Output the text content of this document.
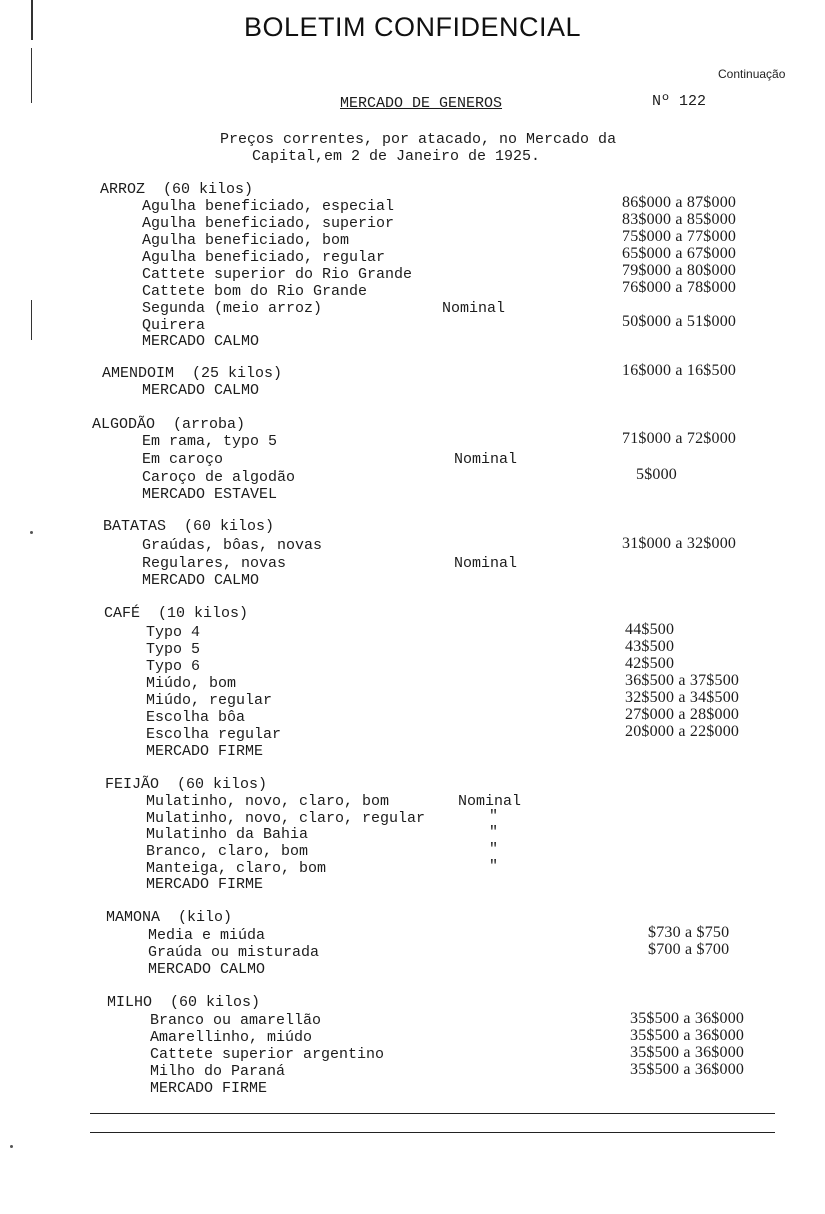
BOLETIM CONFIDENCIAL
Continuação
MERCADO DE GENEROS	Nº 122
Preços correntes, por atacado, no Mercado da
Capital,em 2 de Janeiro de 1925.
ARROZ  (60 kilos)
Agulha beneficiado, especial	86$000 a 87$000
Agulha beneficiado, superior	83$000 a 85$000
Agulha beneficiado, bom	75$000 a 77$000
Agulha beneficiado, regular	65$000 a 67$000
Cattete superior do Rio Grande	79$000 a 80$000
Cattete bom do Rio Grande	76$000 a 78$000
Segunda (meio arroz)	Nominal
Quirera	50$000 a 51$000
MERCADO CALMO
AMENDOIM  (25 kilos)	16$000 a 16$500
MERCADO CALMO
ALGODÃO  (arroba)
Em rama, typo 5	71$000 a 72$000
Em caroço	Nominal
Caroço de algodão	5$000
MERCADO ESTAVEL
BATATAS  (60 kilos)
Graúdas, bôas, novas	31$000 a 32$000
Regulares, novas	Nominal
MERCADO CALMO
CAFÉ  (10 kilos)
Typo 4	44$500
Typo 5	43$500
Typo 6	42$500
Miúdo, bom	36$500 a 37$500
Miúdo, regular	32$500 a 34$500
Escolha bôa	27$000 a 28$000
Escolha regular	20$000 a 22$000
MERCADO FIRME
FEIJÃO  (60 kilos)
Mulatinho, novo, claro, bom	Nominal
Mulatinho, novo, claro, regular	"
Mulatinho da Bahia	"
Branco, claro, bom	"
Manteiga, claro, bom	"
MERCADO FIRME
MAMONA  (kilo)
Media e miúda	$730 a $750
Graúda ou misturada	$700 a $700
MERCADO CALMO
MILHO  (60 kilos)
Branco ou amarellão	35$500 a 36$000
Amarellinho, miúdo	35$500 a 36$000
Cattete superior argentino	35$500 a 36$000
Milho do Paraná	35$500 a 36$000
MERCADO FIRME
